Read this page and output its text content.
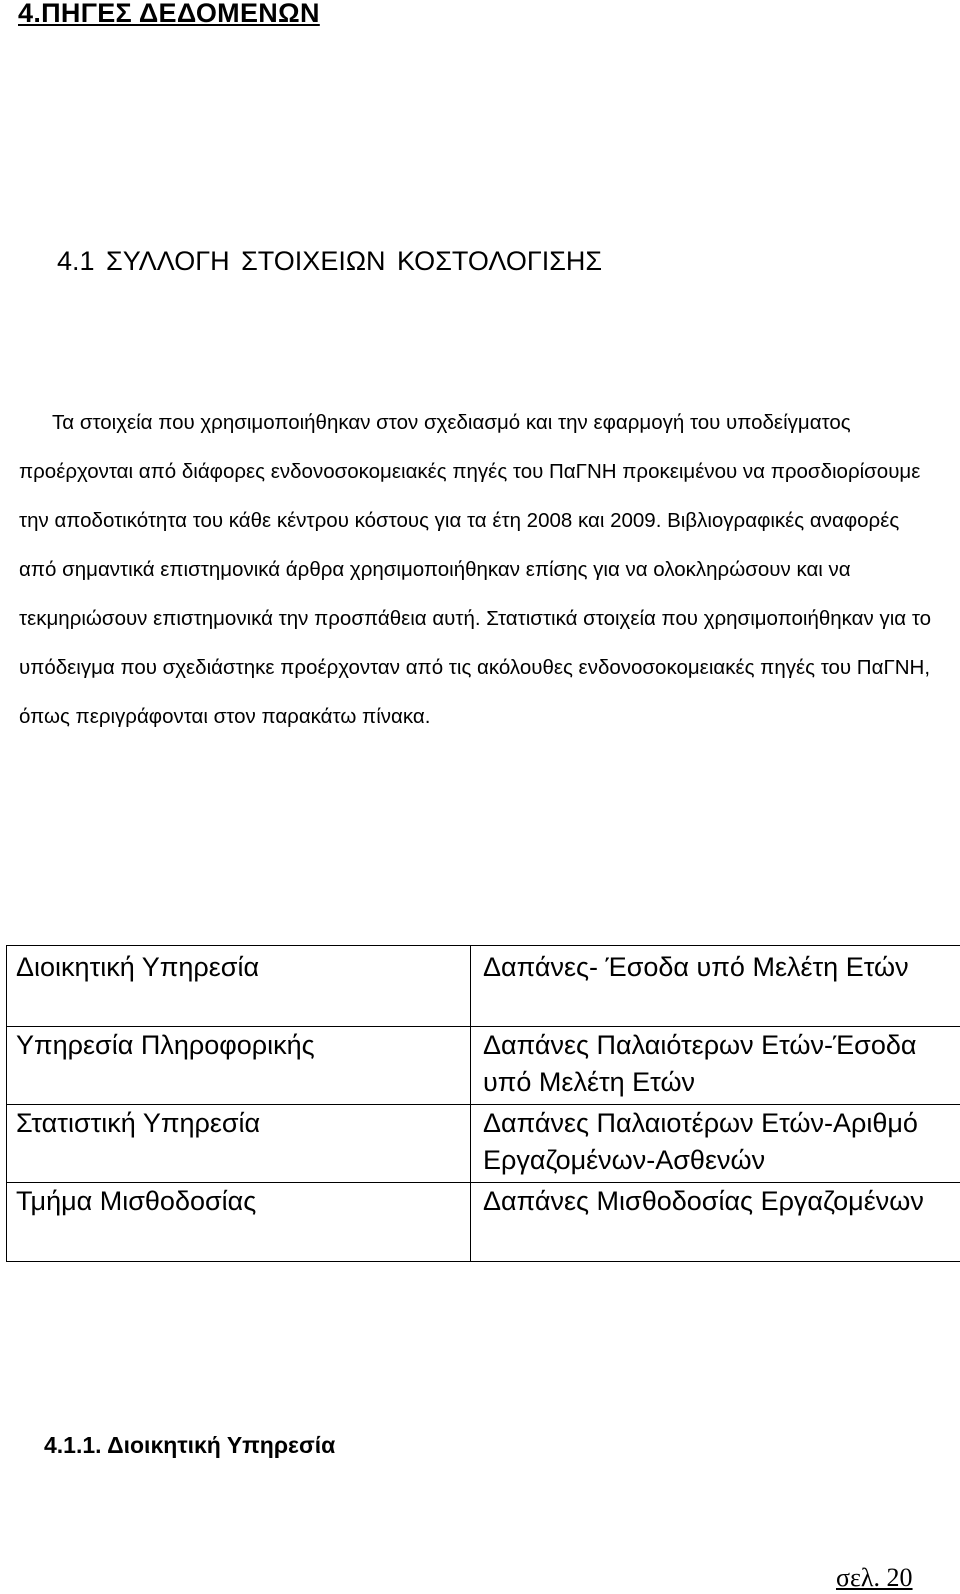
4.ΠΗΓΕΣ ΔΕΔΟΜΕΝΩΝ
4.1 ΣΥΛΛΟΓΗ ΣΤΟΙΧΕΙΩΝ ΚΟΣΤΟΛΟΓΙΣΗΣ

Τα στοιχεία που χρησιμοποιήθηκαν στον σχεδιασμό και την εφαρμογή του υποδείγματος προέρχονται από διάφορες ενδονοσοκομειακές πηγές του ΠαΓΝΗ προκειμένου να προσδιορίσουμε την αποδοτικότητα του κάθε κέντρου κόστους για τα έτη 2008 και 2009. Βιβλιογραφικές αναφορές από σημαντικά επιστημονικά άρθρα χρησιμοποιήθηκαν επίσης για να ολοκληρώσουν και να τεκμηριώσουν επιστημονικά την προσπάθεια αυτή. Στατιστικά στοιχεία που χρησιμοποιήθηκαν για το υπόδειγμα που σχεδιάστηκε προέρχονταν από τις ακόλουθες ενδονοσοκομειακές πηγές του ΠαΓΝΗ, όπως περιγράφονται στον παρακάτω πίνακα.

Διοικητική Υπηρεσία	Δαπάνες- Έσοδα υπό Μελέτη Ετών
Υπηρεσία Πληροφορικής	Δαπάνες Παλαιότερων Ετών-Έσοδα υπό Μελέτη Ετών
Στατιστική Υπηρεσία	Δαπάνες Παλαιοτέρων Ετών-Αριθμό Εργαζομένων-Ασθενών
Τμήμα Μισθοδοσίας	Δαπάνες Μισθοδοσίας Εργαζομένων
4.1.1. Διοικητική Υπηρεσία
σελ. 20
